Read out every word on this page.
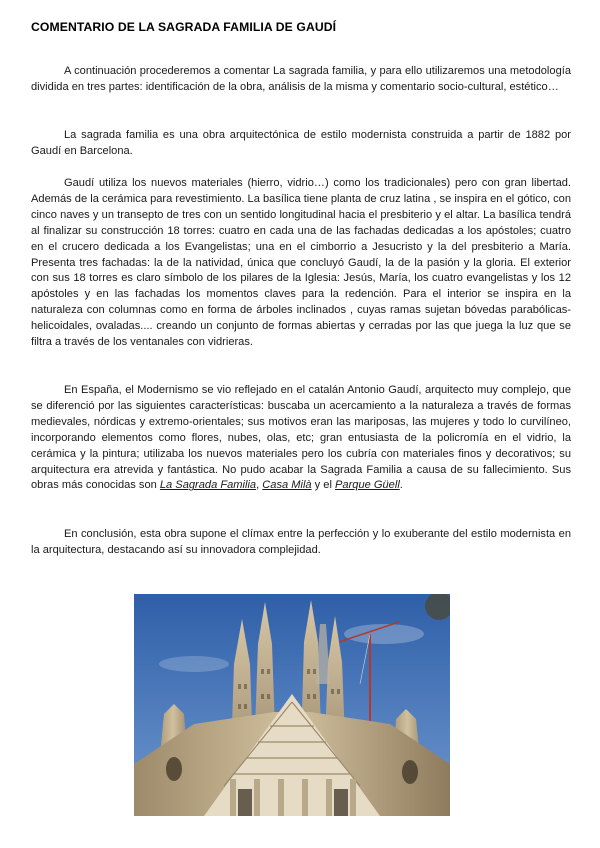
COMENTARIO DE LA SAGRADA FAMILIA DE GAUDÍ

A continuación procederemos a comentar La sagrada familia, y para ello utilizaremos una metodología dividida en tres partes: identificación de la obra, análisis de la misma y comentario socio-cultural, estético…

La sagrada familia es una obra arquitectónica de estilo modernista construida a partir de 1882 por Gaudí en Barcelona.

Gaudí utiliza los nuevos materiales (hierro, vidrio…) como los tradicionales) pero con gran libertad. Además de la cerámica para revestimiento. La basílica tiene planta de cruz latina , se inspira en el gótico, con cinco naves y un transepto de tres con un sentido longitudinal hacia el presbiterio y el altar. La basílica tendrá al finalizar su construcción 18 torres: cuatro en cada una de las fachadas dedicadas a los apóstoles; cuatro en el crucero dedicada a los Evangelistas; una en el cimborrio a Jesucristo y la del presbiterio a María. Presenta tres fachadas: la de la natividad, única que concluyó Gaudí, la de la pasión y la gloria. El exterior con sus 18 torres es claro símbolo de los pilares de la Iglesia: Jesús, María, los cuatro evangelistas y los 12 apóstoles y en las fachadas los momentos claves para la redención. Para el interior se inspira en la naturaleza con columnas como en forma de árboles inclinados , cuyas ramas sujetan bóvedas parabólicas- helicoidales, ovaladas.... creando un conjunto de formas abiertas y cerradas por las que juega la luz que se filtra a través de los ventanales con vidrieras.

En España, el Modernismo se vio reflejado en el catalán Antonio Gaudí, arquitecto muy complejo, que se diferenció por las siguientes características: buscaba un acercamiento a la naturaleza a través de formas medievales, nórdicas y extremo-orientales; sus motivos eran las mariposas, las mujeres y todo lo curvilíneo, incorporando elementos como flores, nubes, olas, etc; gran entusiasta de la policromía en el vidrio, la cerámica y la pintura; utilizaba los nuevos materiales pero los cubría con materiales finos y decorativos; su arquitectura era atrevida y fantástica. No pudo acabar la Sagrada Familia a causa de su fallecimiento. Sus obras más conocidas son La Sagrada Familia, Casa Milà y el Parque Güell.

En conclusión, esta obra supone el clímax entre la perfección y lo exuberante del estilo modernista en la arquitectura, destacando así su innovadora complejidad.
